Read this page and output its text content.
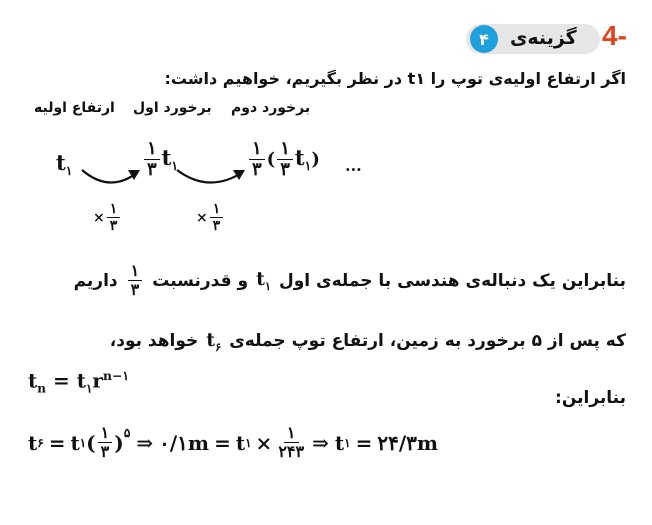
۴ گزینه‌ی 4-
اگر ارتفاع اولیه‌ی توپ را t۱ در نظر بگیریم، خواهیم داشت:
ارتفاع اولیه برخورد اول برخورد دوم
$t_۱$	$\frac{۱}{۳} t_۱$	$\frac{۱}{۳}$ ( $\frac{۱}{۳} t_۱$ ) ...
× $\frac{۱}{۳}$	× $\frac{۱}{۳}$
بنابراین یک دنباله‌ی هندسی با جمله‌ی اول
$t_۱$
و قدرنسبت
$\frac{۱}{۳}$
داریم
که پس از ۵ برخورد به زمین، ارتفاع توپ جمله‌ی
$t_۶$
خواهد بود،
$t_n = t_۱r^{n-۱}$
بنابراین:
t ۶ = t ۱ ( $\frac{۱}{۳} )^۵$ ⇒ ۰/۱m = t ۱ × $\frac{۱}{۲۴۳}$ ⇒ t ۱ = ۲۴/۳m
